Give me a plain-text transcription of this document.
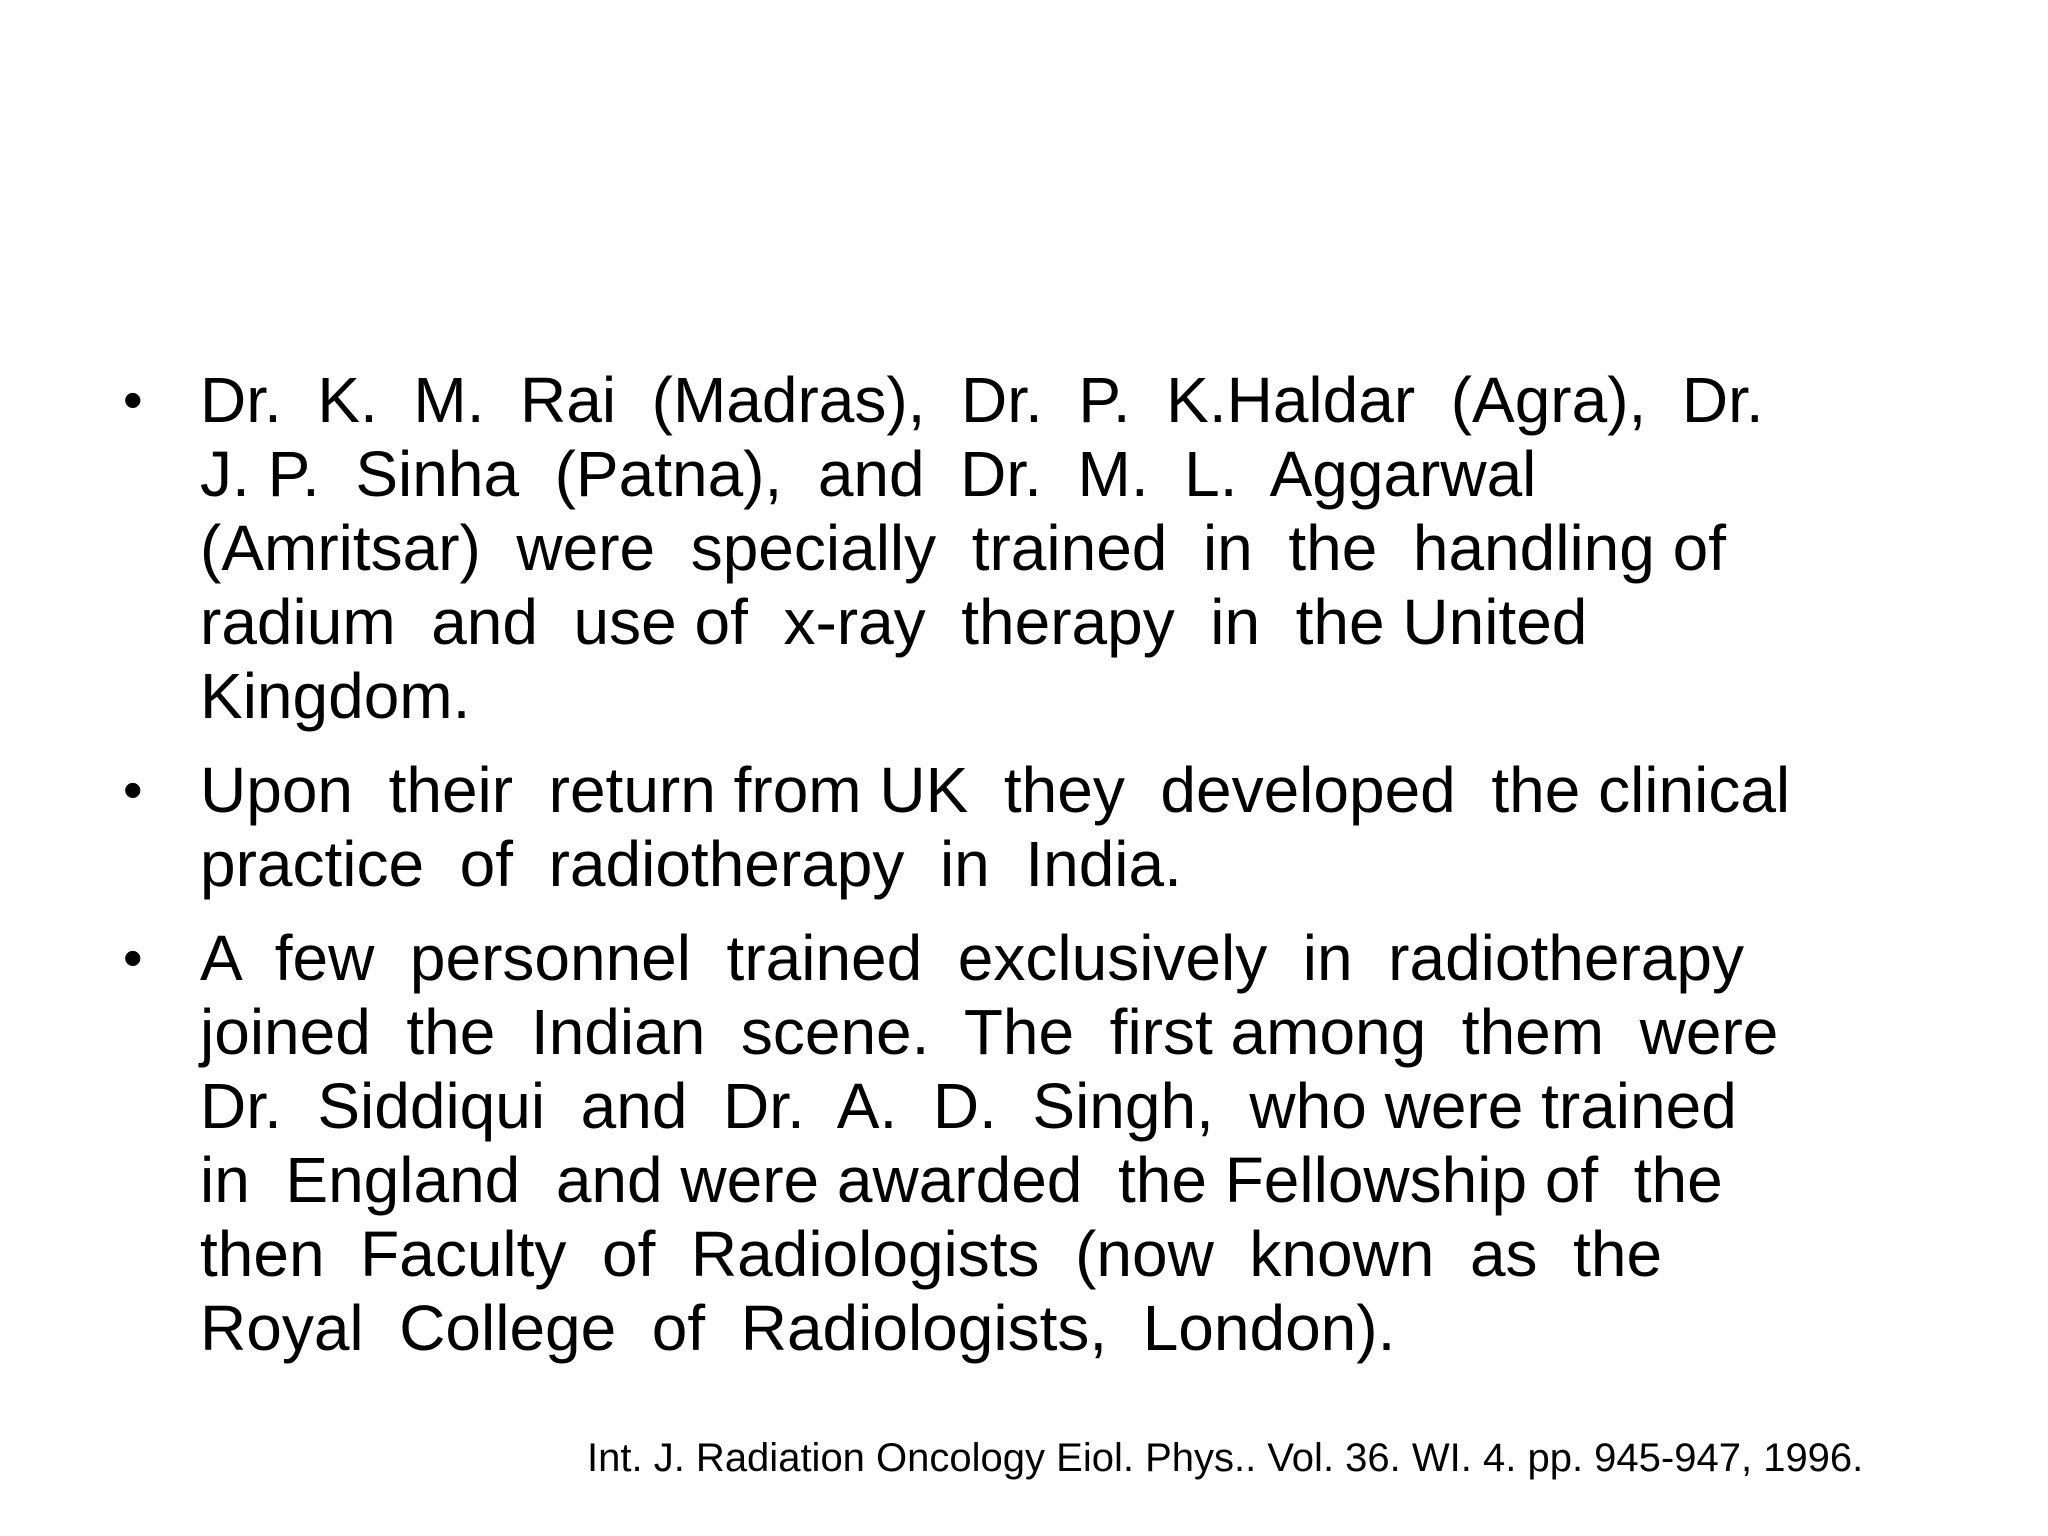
• Dr.  K.  M.  Rai  (Madras),  Dr.  P.  K.Haldar  (Agra),  Dr.
J. P.  Sinha  (Patna),  and  Dr.  M.  L.  Aggarwal
(Amritsar)  were  specially  trained  in  the  handling of
radium  and  use of  x-ray  therapy  in  the United
Kingdom.
• Upon  their  return from UK  they  developed  the clinical
practice  of  radiotherapy  in  India.
• A  few  personnel  trained  exclusively  in  radiotherapy
joined  the  Indian  scene.  The  first among  them  were
Dr.  Siddiqui  and  Dr.  A.  D.  Singh,  who were trained
in  England  and were awarded  the Fellowship of  the
then  Faculty  of  Radiologists  (now  known  as  the
Royal  College  of  Radiologists,  London).
Int. J. Radiation Oncology Eiol. Phys.. Vol. 36. WI. 4. pp. 945-947, 1996.
